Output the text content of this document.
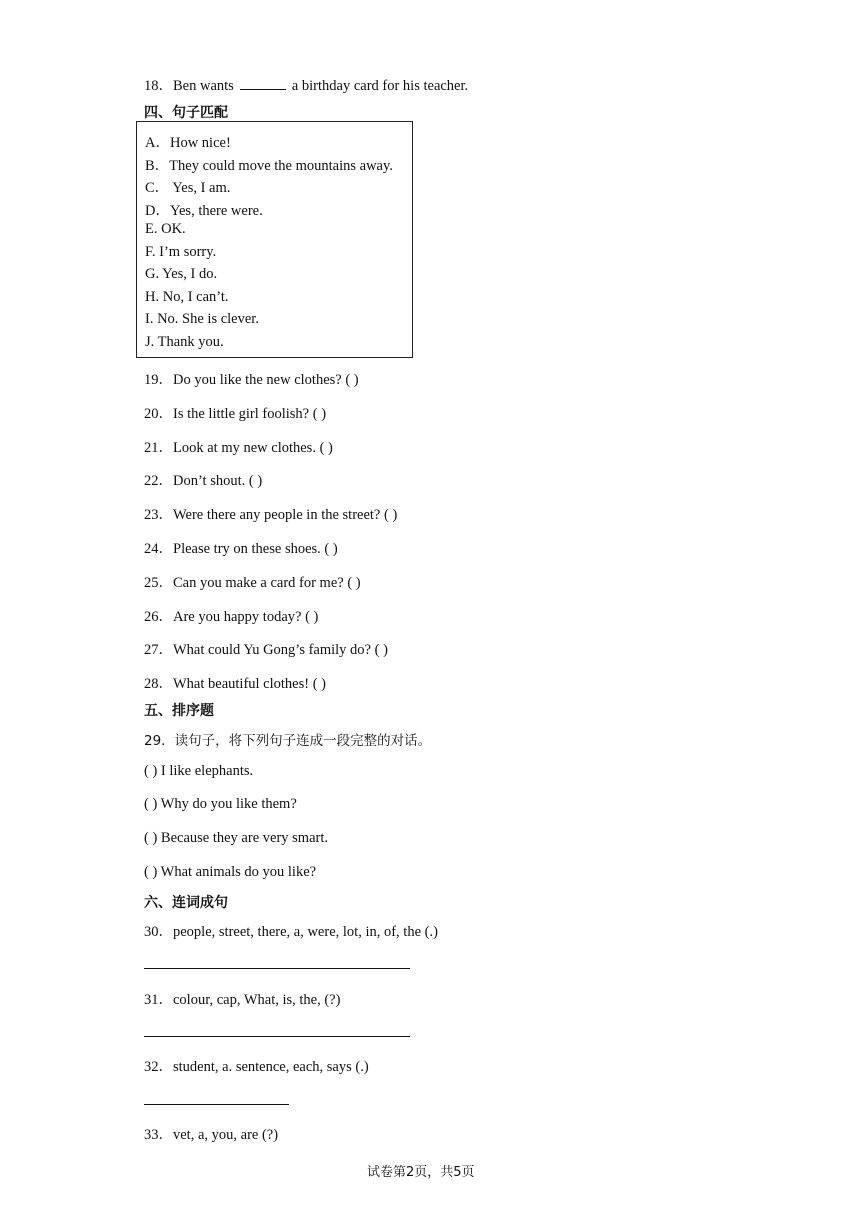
18．Ben wants	a birthday card for his teacher.
四、句子匹配
A．How nice!
B．They could move the mountains away.
C． Yes, I am.
D．Yes, there were.
E. OK.
F. I’m sorry.
G. Yes, I do.
H. No, I can’t.
I. No. She is clever.
J. Thank you.
19．Do you like the new clothes? ( )
20．Is the little girl foolish? ( )
21．Look at my new clothes. ( )
22．Don’t shout. ( )
23．Were there any people in the street? ( )
24．Please try on these shoes. ( )
25．Can you make a card for me? ( )
26．Are you happy today? ( )
27．What could Yu Gong’s family do? ( )
28．What beautiful clothes! ( )
五、排序题
29．读句子，将下列句子连成一段完整的对话。
( ) I like elephants.
( ) Why do you like them?
( ) Because they are very smart.
( ) What animals do you like?
六、连词成句
30．people, street, there, a, were, lot, in, of, the (.)
31．colour, cap, What, is, the, (?)
32．student, a. sentence, each, says (.)
33．vet, a, you, are (?)
试卷第2页，共5页
